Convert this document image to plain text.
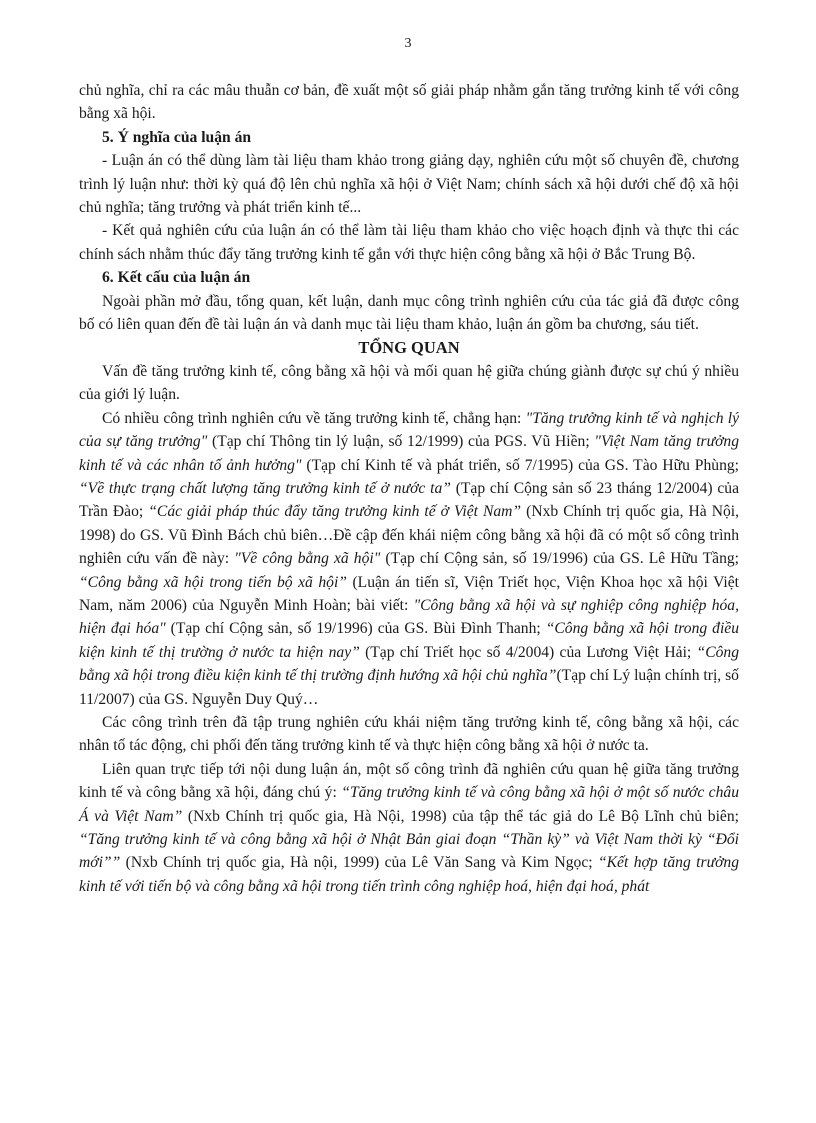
3

chủ nghĩa, chỉ ra các mâu thuẫn cơ bản, đề xuất một số giải pháp nhằm gắn tăng trưởng kinh tế với công bằng xã hội.

5. Ý nghĩa của luận án

- Luận án có thể dùng làm tài liệu tham khảo trong giảng dạy, nghiên cứu một số chuyên đề, chương trình lý luận như: thời kỳ quá độ lên chủ nghĩa xã hội ở Việt Nam; chính sách xã hội dưới chế độ xã hội chủ nghĩa; tăng trưởng và phát triển kinh tế...

- Kết quả nghiên cứu của luận án có thể làm tài liệu tham khảo cho việc hoạch định và thực thi các chính sách nhằm thúc đẩy tăng trưởng kinh tế gắn với thực hiện công bằng xã hội ở Bắc Trung Bộ.

6. Kết cấu của luận án

Ngoài phần mở đầu, tổng quan, kết luận, danh mục công trình nghiên cứu của tác giả đã được công bố có liên quan đến đề tài luận án và danh mục tài liệu tham khảo, luận án gồm ba chương, sáu tiết.

TỔNG QUAN

Vấn đề tăng trưởng kinh tế, công bằng xã hội và mối quan hệ giữa chúng giành được sự chú ý nhiều của giới lý luận.

Có nhiều công trình nghiên cứu về tăng trưởng kinh tế, chẳng hạn: "Tăng trưởng kinh tế và nghịch lý của sự tăng trưởng" (Tạp chí Thông tin lý luận, số 12/1999) của PGS. Vũ Hiền; "Việt Nam tăng trưởng kinh tế và các nhân tố ảnh hưởng" (Tạp chí Kinh tế và phát triển, số 7/1995) của GS. Tào Hữu Phùng; “Về thực trạng chất lượng tăng trưởng kinh tế ở nước ta” (Tạp chí Cộng sản số 23 tháng 12/2004) của Trần Đào; “Các giải pháp thúc đẩy tăng trưởng kinh tế ở Việt Nam” (Nxb Chính trị quốc gia, Hà Nội, 1998) do GS. Vũ Đình Bách chủ biên…Đề cập đến khái niệm công bằng xã hội đã có một số công trình nghiên cứu vấn đề này: "Về công bằng xã hội" (Tạp chí Cộng sản, số 19/1996) của GS. Lê Hữu Tầng; “Công bằng xã hội trong tiến bộ xã hội” (Luận án tiến sĩ, Viện Triết học, Viện Khoa học xã hội Việt Nam, năm 2006) của Nguyễn Minh Hoàn; bài viết: "Công bằng xã hội và sự nghiệp công nghiệp hóa, hiện đại hóa" (Tạp chí Cộng sản, số 19/1996) của GS. Bùi Đình Thanh; “Công bằng xã hội trong điều kiện kinh tế thị trường ở nước ta hiện nay” (Tạp chí Triết học số 4/2004) của Lương Việt Hải; “Công bằng xã hội trong điều kiện kinh tế thị trường định hướng xã hội chủ nghĩa”(Tạp chí Lý luận chính trị, số 11/2007) của GS. Nguyễn Duy Quý…

Các công trình trên đã tập trung nghiên cứu khái niệm tăng trưởng kinh tế, công bằng xã hội, các nhân tố tác động, chi phối đến tăng trưởng kinh tế và thực hiện công bằng xã hội ở nước ta.

Liên quan trực tiếp tới nội dung luận án, một số công trình đã nghiên cứu quan hệ giữa tăng trưởng kinh tế và công bằng xã hội, đáng chú ý: “Tăng trưởng kinh tế và công bằng xã hội ở một số nước châu Á và Việt Nam” (Nxb Chính trị quốc gia, Hà Nội, 1998) của tập thể tác giả do Lê Bộ Lĩnh chủ biên; “Tăng trưởng kinh tế và công bằng xã hội ở Nhật Bản giai đoạn “Thần kỳ” và Việt Nam thời kỳ “Đổi mới”” (Nxb Chính trị quốc gia, Hà nội, 1999) của Lê Văn Sang và Kim Ngọc; “Kết hợp tăng trưởng kinh tế với tiến bộ và công bằng xã hội trong tiến trình công nghiệp hoá, hiện đại hoá, phát
